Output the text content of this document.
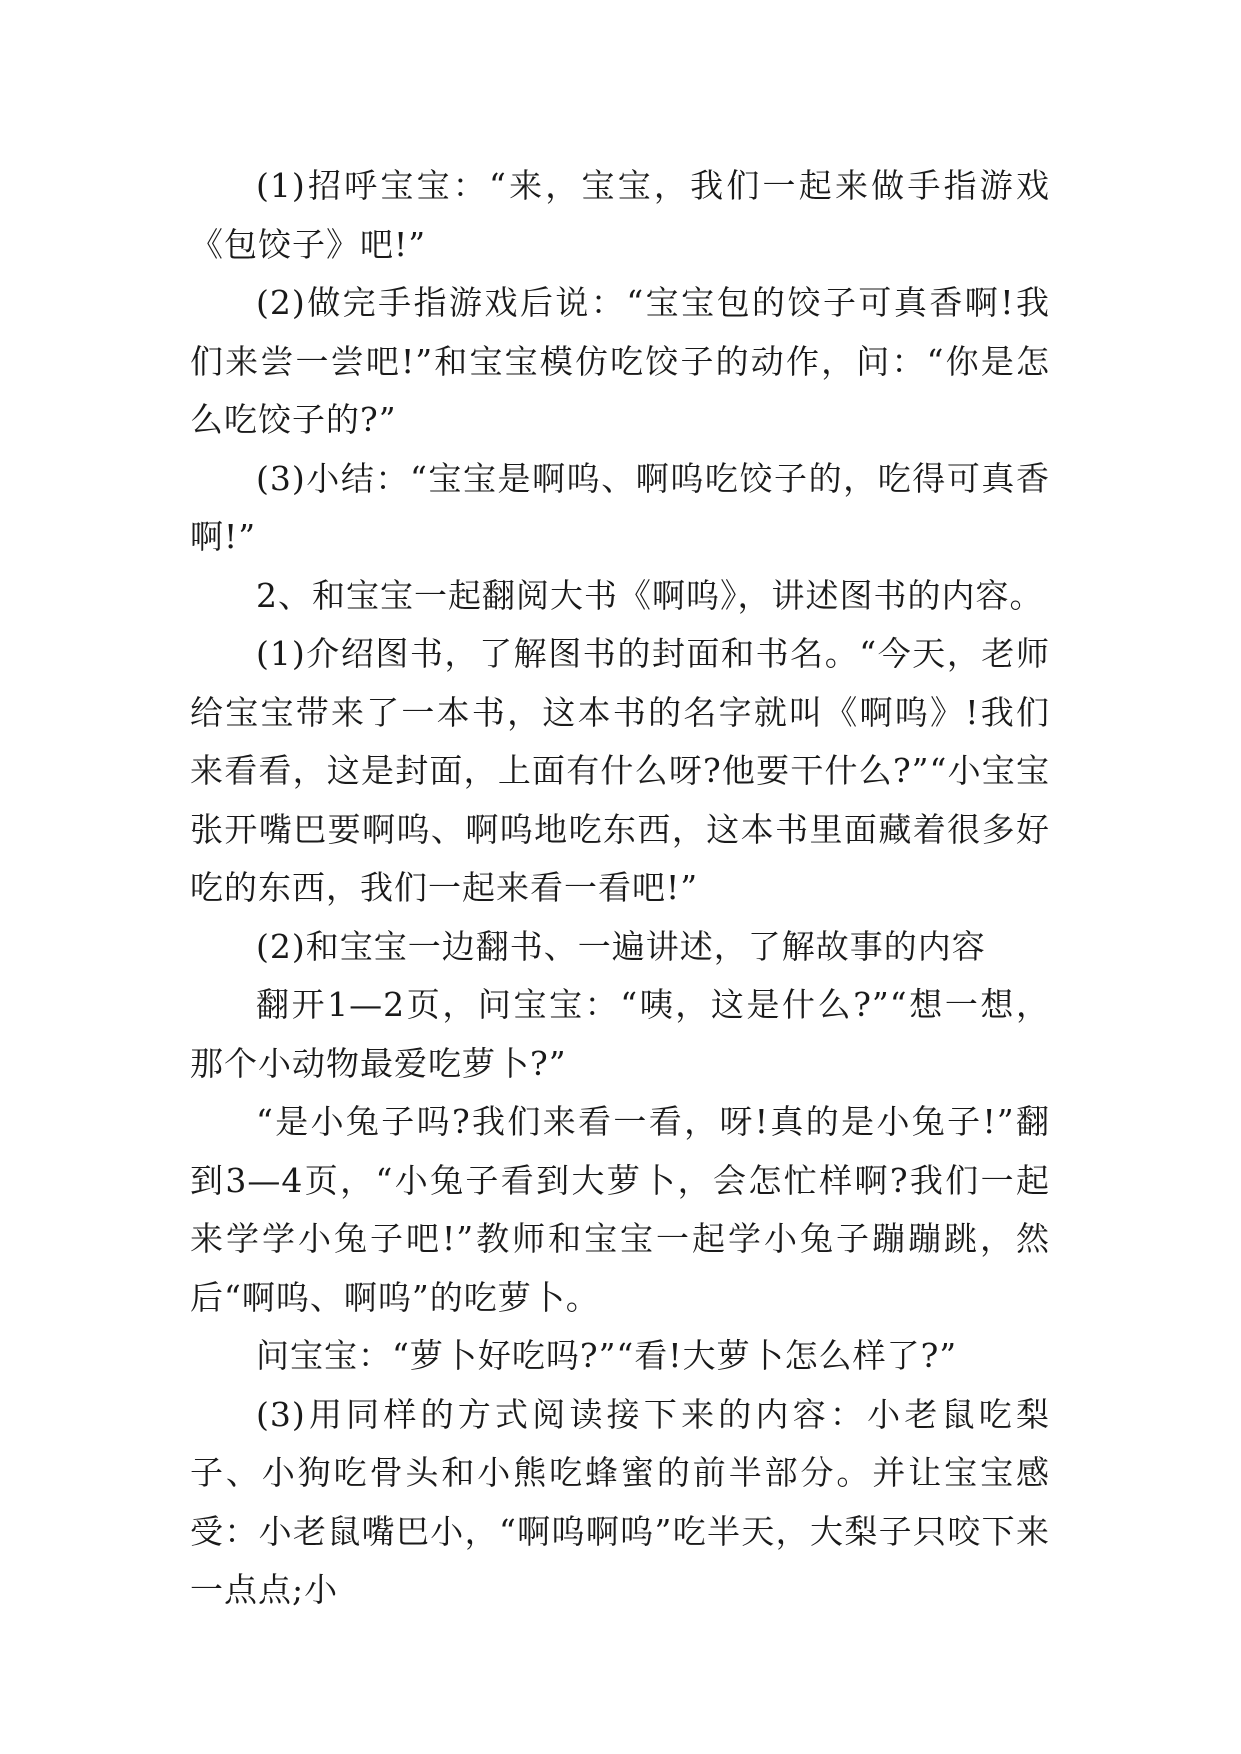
(1)招呼宝宝：“来，宝宝，我们一起来做手指游戏《包饺子》吧!”

(2)做完手指游戏后说：“宝宝包的饺子可真香啊!我们来尝一尝吧!”和宝宝模仿吃饺子的动作，问：“你是怎么吃饺子的?”

(3)小结：“宝宝是啊呜、啊呜吃饺子的，吃得可真香啊!”

2、和宝宝一起翻阅大书《啊呜》，讲述图书的内容。

(1)介绍图书，了解图书的封面和书名。“今天，老师给宝宝带来了一本书，这本书的名字就叫《啊呜》!我们来看看，这是封面，上面有什么呀?他要干什么?”“小宝宝张开嘴巴要啊呜、啊呜地吃东西，这本书里面藏着很多好吃的东西，我们一起来看一看吧!”

(2)和宝宝一边翻书、一遍讲述，了解故事的内容

翻开1—2页，问宝宝：“咦，这是什么?”“想一想，那个小动物最爱吃萝卜?”

“是小兔子吗?我们来看一看，呀!真的是小兔子!”翻到3—4页，“小兔子看到大萝卜，会怎忙样啊?我们一起来学学小兔子吧!”教师和宝宝一起学小兔子蹦蹦跳，然后“啊呜、啊呜”的吃萝卜。

问宝宝：“萝卜好吃吗?”“看!大萝卜怎么样了?”

(3)用同样的方式阅读接下来的内容：小老鼠吃梨子、小狗吃骨头和小熊吃蜂蜜的前半部分。并让宝宝感受：小老鼠嘴巴小，“啊呜啊呜”吃半天，大梨子只咬下来一点点;小
